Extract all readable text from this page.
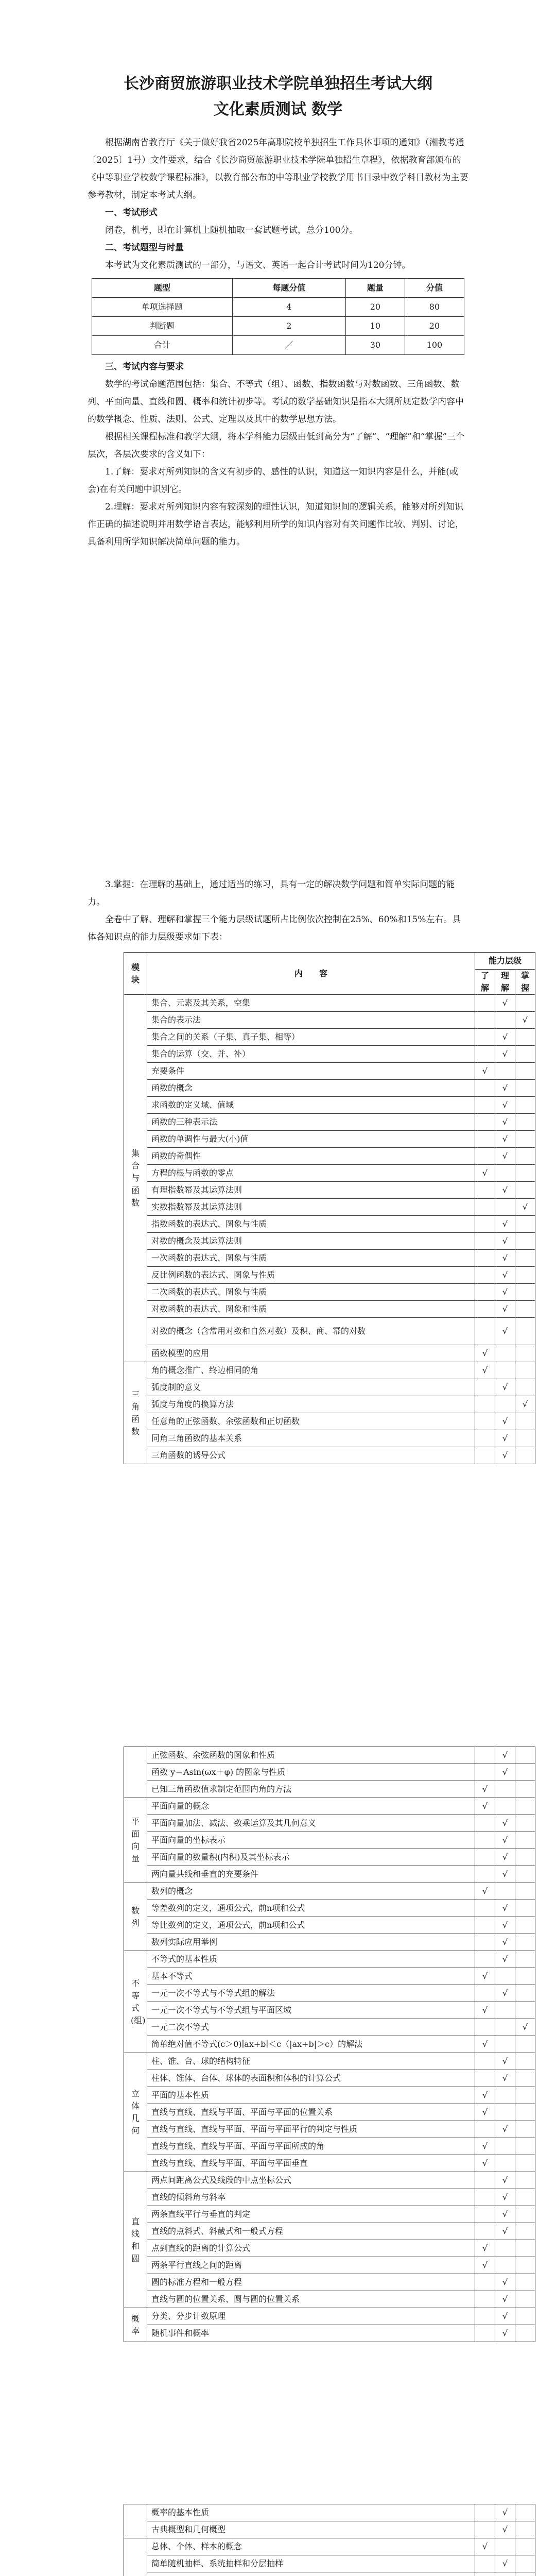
长沙商贸旅游职业技术学院单独招生考试大纲
文化素质测试 数学

根据湖南省教育厅《关于做好我省2025年高职院校单独招生工作具体事项的通知》（湘教考通〔2025〕1号）文件要求，结合《长沙商贸旅游职业技术学院单独招生章程》，依据教育部颁布的《中等职业学校数学课程标准》，以教育部公布的中等职业学校教学用书目录中数学科目教材为主要参考教材，制定本考试大纲。

一、考试形式

闭卷，机考，即在计算机上随机抽取一套试题考试，总分100分。

二、考试题型与时量

本考试为文化素质测试的一部分，与语文、英语一起合计考试时间为120分钟。

题型	每题分值	题量	分值
单项选择题	4	20	80
判断题	2	10	20
合计	／	30	100

三、考试内容与要求

数学的考试命题范围包括：集合、不等式（组）、函数、指数函数与对数函数、三角函数、数列、平面向量、直线和圆、概率和统计初步等。考试的数学基础知识是指本大纲所规定数学内容中的数学概念、性质、法则、公式、定理以及其中的数学思想方法。

根据相关课程标准和教学大纲，将本学科能力层级由低到高分为“了解”、“理解”和“掌握”三个层次，各层次要求的含义如下：

1.了解：要求对所列知识的含义有初步的、感性的认识，知道这一知识内容是什么，并能(或会)在有关问题中识别它。

2.理解：要求对所列知识内容有较深刻的理性认识，知道知识间的逻辑关系，能够对所列知识作正确的描述说明并用数学语言表达，能够利用所学的知识内容对有关问题作比较、判别、讨论，具备利用所学知识解决简单问题的能力。

3.掌握：在理解的基础上，通过适当的练习，具有一定的解决数学问题和简单实际问题的能力。

全卷中了解、理解和掌握三个能力层级试题所占比例依次控制在25%、60%和15%左右。具体各知识点的能力层级要求如下表：

模块	内　　容	能力层级		
		了解	理解	掌握
集合与函数	集合、元素及其关系，空集		√	
	集合的表示法			√
	集合之间的关系（子集、真子集、相等）		√	
	集合的运算（交、并、补）		√	
	充要条件	√		
	函数的概念		√	
	求函数的定义域、值域		√	
	函数的三种表示法		√	
	函数的单调性与最大(小)值		√	
	函数的奇偶性		√	
	方程的根与函数的零点	√		
	有理指数幂及其运算法则		√	
	实数指数幂及其运算法则			√
	指数函数的表达式、图象与性质		√	
	对数的概念及其运算法则		√	
	一次函数的表达式、图象与性质		√	
	反比例函数的表达式、图象与性质		√	
	二次函数的表达式、图象与性质		√	
	对数函数的表达式、图象和性质		√	
	对数的概念（含常用对数和自然对数）及积、商、幂的对数		√	
	函数模型的应用	√		
三角函数	角的概念推广、终边相同的角	√		
	弧度制的意义		√	
	弧度与角度的换算方法			√
	任意角的正弦函数、余弦函数和正切函数		√	
	同角三角函数的基本关系		√	
	三角函数的诱导公式		√	
	正弦函数、余弦函数的图象和性质		√	
	函数 y＝Asin(ωx＋φ) 的图象与性质		√	
	已知三角函数值求制定范围内角的方法	√		
平面向量	平面向量的概念	√		
	平面向量加法、减法、数乘运算及其几何意义		√	
	平面向量的坐标表示		√	
	平面向量的数量积(内积)及其坐标表示		√	
	两向量共线和垂直的充要条件		√	
数列	数列的概念	√		
	等差数列的定义，通项公式，前n项和公式		√	
	等比数列的定义，通项公式，前n项和公式		√	
	数列实际应用举例		√	
不等式(组)	不等式的基本性质		√	
	基本不等式	√		
	一元一次不等式与不等式组的解法		√	
	一元一次不等式与不等式组与平面区域	√		
	一元二次不等式			√
	简单绝对值不等式(c＞0)∣ax+b∣＜c（|ax+b|＞c）的解法	√		
立体几何	柱、锥、台、球的结构特征		√	
	柱体、锥体、台体、球体的表面积和体积的计算公式		√	
	平面的基本性质	√		
	直线与直线、直线与平面、平面与平面的位置关系	√		
	直线与直线、直线与平面、平面与平面平行的判定与性质		√	
	直线与直线、直线与平面、平面与平面所成的角	√		
	直线与直线、直线与平面、平面与平面垂直	√		
直线和圆	两点间距离公式及线段的中点坐标公式		√	
	直线的倾斜角与斜率		√	
	两条直线平行与垂直的判定		√	
	直线的点斜式、斜截式和一般式方程		√	
	点到直线的距离的计算公式	√		
	两条平行直线之间的距离	√		
	圆的标准方程和一般方程		√	
	直线与圆的位置关系、圆与圆的位置关系		√	
概率	分类、分步计数原理		√	
	随机事件和概率		√	
	概率的基本性质		√	
	古典概型和几何概型		√	
	总体、个体、样本的概念	√		
	简单随机抽样、系统抽样和分层抽样		√	
